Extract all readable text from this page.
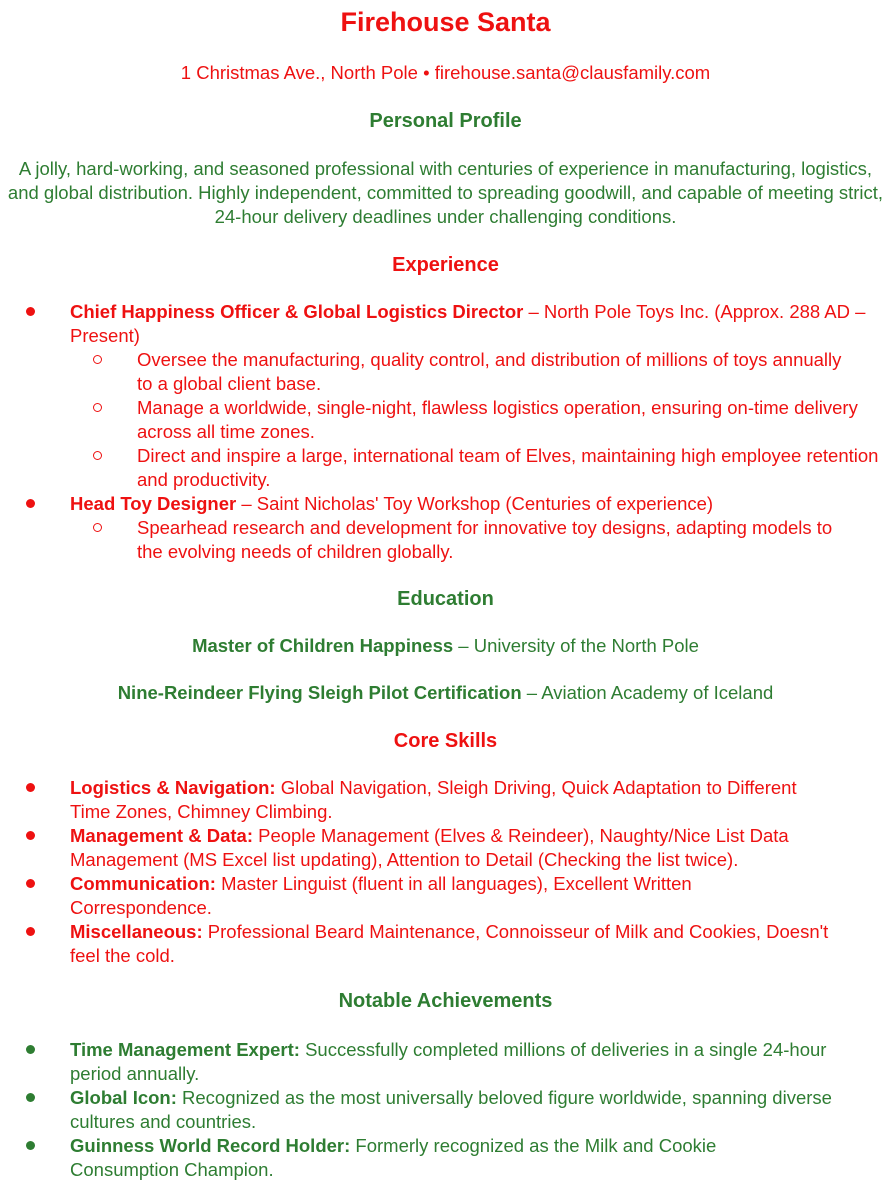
Firehouse Santa
1 Christmas Ave., North Pole • firehouse.santa@clausfamily.com
Personal Profile
A jolly, hard-working, and seasoned professional with centuries of experience in manufacturing, logistics, and global distribution. Highly independent, committed to spreading goodwill, and capable of meeting strict, 24-hour delivery deadlines under challenging conditions.
Experience
Chief Happiness Officer & Global Logistics Director – North Pole Toys Inc. (Approx. 288 AD – Present)
Oversee the manufacturing, quality control, and distribution of millions of toys annually to a global client base.
Manage a worldwide, single-night, flawless logistics operation, ensuring on-time delivery across all time zones.
Direct and inspire a large, international team of Elves, maintaining high employee retention and productivity.
Head Toy Designer – Saint Nicholas' Toy Workshop (Centuries of experience)
Spearhead research and development for innovative toy designs, adapting models to the evolving needs of children globally.
Education
Master of Children Happiness – University of the North Pole
Nine-Reindeer Flying Sleigh Pilot Certification – Aviation Academy of Iceland
Core Skills
Logistics & Navigation: Global Navigation, Sleigh Driving, Quick Adaptation to Different Time Zones, Chimney Climbing.
Management & Data: People Management (Elves & Reindeer), Naughty/Nice List Data Management (MS Excel list updating), Attention to Detail (Checking the list twice).
Communication: Master Linguist (fluent in all languages), Excellent Written Correspondence.
Miscellaneous: Professional Beard Maintenance, Connoisseur of Milk and Cookies, Doesn't feel the cold.
Notable Achievements
Time Management Expert: Successfully completed millions of deliveries in a single 24-hour period annually.
Global Icon: Recognized as the most universally beloved figure worldwide, spanning diverse cultures and countries.
Guinness World Record Holder: Formerly recognized as the Milk and Cookie Consumption Champion.
